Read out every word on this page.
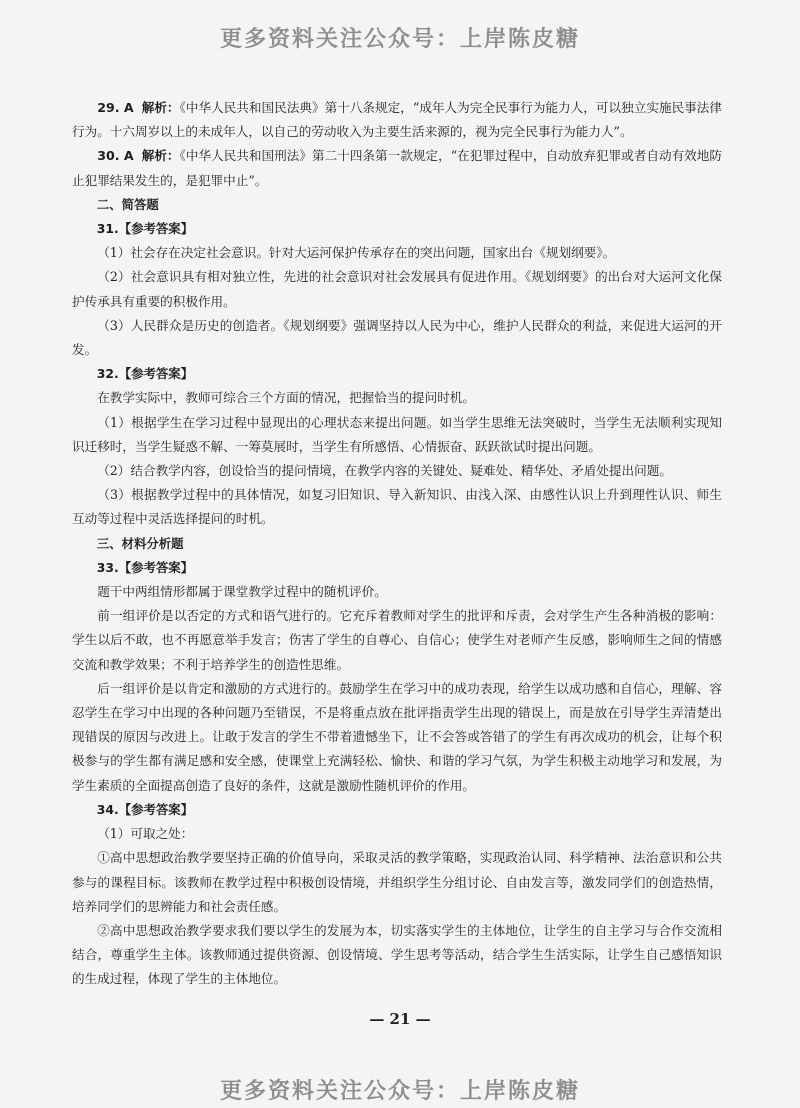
更多资料关注公众号：上岸陈皮糖

29. A 解析：《中华人民共和国民法典》第十八条规定，“成年人为完全民事行为能力人，可以独立实施民事法律行为。十六周岁以上的未成年人，以自己的劳动收入为主要生活来源的，视为完全民事行为能力人”。

30. A 解析：《中华人民共和国刑法》第二十四条第一款规定，“在犯罪过程中，自动放弃犯罪或者自动有效地防止犯罪结果发生的，是犯罪中止”。

二、简答题

31.【参考答案】

（1）社会存在决定社会意识。针对大运河保护传承存在的突出问题，国家出台《规划纲要》。

（2）社会意识具有相对独立性，先进的社会意识对社会发展具有促进作用。《规划纲要》的出台对大运河文化保护传承具有重要的积极作用。

（3）人民群众是历史的创造者。《规划纲要》强调坚持以人民为中心，维护人民群众的利益，来促进大运河的开发。

32.【参考答案】

在教学实际中，教师可综合三个方面的情况，把握恰当的提问时机。

（1）根据学生在学习过程中显现出的心理状态来提出问题。如当学生思维无法突破时，当学生无法顺利实现知识迁移时，当学生疑惑不解、一筹莫展时，当学生有所感悟、心情振奋、跃跃欲试时提出问题。

（2）结合教学内容，创设恰当的提问情境，在教学内容的关键处、疑难处、精华处、矛盾处提出问题。

（3）根据教学过程中的具体情况，如复习旧知识、导入新知识、由浅入深、由感性认识上升到理性认识、师生互动等过程中灵活选择提问的时机。

三、材料分析题

33.【参考答案】

题干中两组情形都属于课堂教学过程中的随机评价。

前一组评价是以否定的方式和语气进行的。它充斥着教师对学生的批评和斥责，会对学生产生各种消极的影响：学生以后不敢，也不再愿意举手发言；伤害了学生的自尊心、自信心；使学生对老师产生反感，影响师生之间的情感交流和教学效果；不利于培养学生的创造性思维。

后一组评价是以肯定和激励的方式进行的。鼓励学生在学习中的成功表现，给学生以成功感和自信心，理解、容忍学生在学习中出现的各种问题乃至错误，不是将重点放在批评指责学生出现的错误上，而是放在引导学生弄清楚出现错误的原因与改进上。让敢于发言的学生不带着遗憾坐下，让不会答或答错了的学生有再次成功的机会，让每个积极参与的学生都有满足感和安全感，使课堂上充满轻松、愉快、和谐的学习气氛，为学生积极主动地学习和发展，为学生素质的全面提高创造了良好的条件，这就是激励性随机评价的作用。

34.【参考答案】

（1）可取之处：

①高中思想政治教学要坚持正确的价值导向，采取灵活的教学策略，实现政治认同、科学精神、法治意识和公共参与的课程目标。该教师在教学过程中积极创设情境，并组织学生分组讨论、自由发言等，激发同学们的创造热情，培养同学们的思辨能力和社会责任感。

②高中思想政治教学要求我们要以学生的发展为本，切实落实学生的主体地位，让学生的自主学习与合作交流相结合，尊重学生主体。该教师通过提供资源、创设情境、学生思考等活动，结合学生生活实际，让学生自己感悟知识的生成过程，体现了学生的主体地位。

— 21 —
更多资料关注公众号：上岸陈皮糖
